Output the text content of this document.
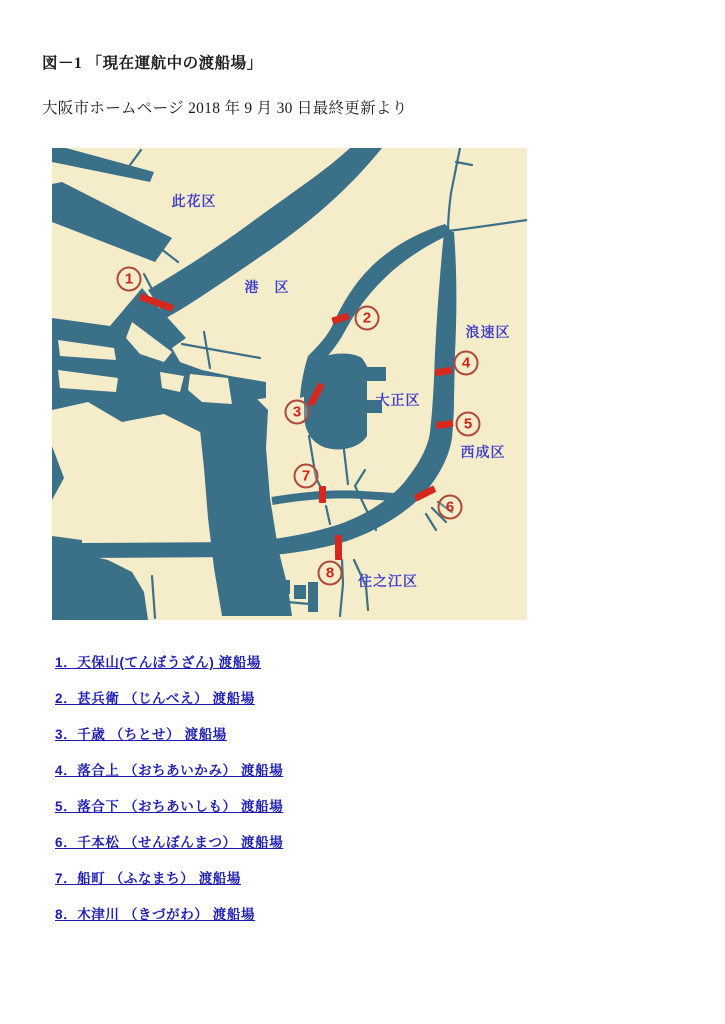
図－1 「現在運航中の渡船場」
大阪市ホームページ 2018 年 9 月 30 日最終更新より
此花区
港　区
浪速区
大正区
西成区
住之江区
1
2
3
4
5
6
7
8
1．天保山(てんぼうざん) 渡船場
2．甚兵衛 （じんべえ） 渡船場
3．千歳 （ちとせ） 渡船場
4．落合上 （おちあいかみ） 渡船場
5．落合下 （おちあいしも） 渡船場
6．千本松 （せんぼんまつ） 渡船場
7．船町 （ふなまち） 渡船場
8．木津川 （きづがわ） 渡船場
